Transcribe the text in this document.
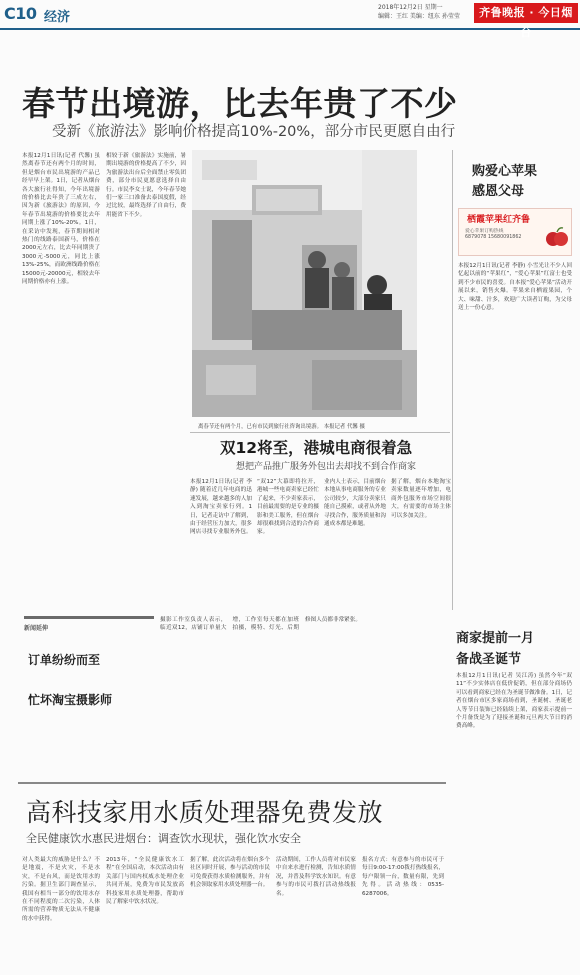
C10 经济
2018年12月2日 星期一
编辑：王红 美编：纽东 孙莹莹	齐鲁晚报 · 今日烟台
春节出境游，比去年贵了不少
受新《旅游法》影响价格提高10%-20%，部分市民更愿自由行
本报12月1日讯(记者 代馨) 虽然离春节还有两个月的时间，但是烟台市民出境游的产品已经早早上架。1日，记者从烟台各大旅行社得知，今年出境游的价格比去年贵了三成左右，因为新《旅游法》的原因，今年春节出境游的价格要比去年同期上涨了10%-20%。1日，在采访中发现，春节期间相对热门的线路泰国新马，价格在2000元左右，比去年同期贵了3000元-5000元，同比上涨13%-25%，而欧洲线路价格在15000元-20000元，相较去年同期价格亦有上涨。
相较于新《旅游法》实施前，暑期出境游的价格提高了不少，因为旅游法出台后全面禁止零负团费，部分市民更愿意选择自由行。市民李女士说，今年春节她们一家三口准备去泰国度假，经过比较，最终选择了自由行，费用能省下不少。
离春节还有两个月，已有市民到旅行社咨询出境游。 本报记者 代馨 摄
购爱心苹果
感恩父母
栖霞苹果红齐鲁
爱心苹果订购热线
6879078 15680091862
本报12月1日讯(记者 李静) 小雪光让不少人回忆起以前的“苹果红”，“爱心苹果”红富士也受到不少市民的喜爱。自本报“爱心苹果”活动开展以来，销售火爆。苹果来自栖霞果园，个大、味甜、汁多，欢迎广大读者订购，为父母送上一份心意。
双12将至，港城电商很着急
想把产品推广服务外包出去却找不到合作商家
本报12月1日讯(记者 李静) 随着近几年电商的迅速发展，越来越多的人加入到淘宝卖家行列。1日，记者走访中了解到，由于经营压力加大，很多网店寻找专业服务外包。
“双12”大幕即将拉开，港城一些电商卖家已经忙了起来，不少卖家表示，目前最需要的是专业的摄影和美工服务，但在烟台却很难找到合适的合作商家。
业内人士表示，目前烟台本地从事电商服务的专业公司较少，大部分卖家只能自己摸索，或者从外地寻找合作，服务质量和沟通成本都是难题。
据了解，烟台本地淘宝卖家数量逐年增加，电商外包服务市场空间很大，有需要的市场主体可以多加关注。
新闻延伸
订单纷纷而至
忙坏淘宝摄影师
摄影工作室负责人表示，临近双12，店铺订单量大增，工作室每天都在加班拍摄，模特、灯光、后期修图人员都非常紧张。
商家提前一月
备战圣诞节
本报12月1日讯(记者 吴江涛) 虽然今年“双11”不少实体店在低价促销，但在部分商场仍可以看到商家已经在为圣诞节做准备。1日，记者在烟台市区多家商场看到，圣诞树、圣诞老人等节日装饰已经陆续上架，商家表示提前一个月备货是为了迎接圣诞和元旦两大节日的消费高峰。
高科技家用水质处理器免费发放
全民健康饮水惠民进烟台：调查饮水现状，强化饮水安全
对人类最大的威胁是什么？不是地震，不是火灾，不是水灾，不是台风，而是饮用水的污染。据卫生部门调查显示，我国有相当一部分的饮用水存在不同程度的二次污染，人体所需的营养物质无法从不健康的水中获得。
2013年，“全民健康饮水工程”在全国启动，本次活动由有关部门与国内权威水处理企业共同开展，免费为市民发放高科技家用水质处理器，帮助市民了解家中饮水状况。
据了解，此次活动将在烟台多个社区同时开展，参与活动的市民可免费获得水质检测服务，并有机会领取家用水质处理器一台。
活动期间，工作人员将对市民家中自来水进行检测，告知水质情况，并普及科学饮水知识。有意参与的市民可拨打活动热线报名。
报名方式：有意参与的市民可于每日9:00-17:00拨打热线报名，每户限领一台，数量有限，先到先得。活动热线：0535-6287006。
